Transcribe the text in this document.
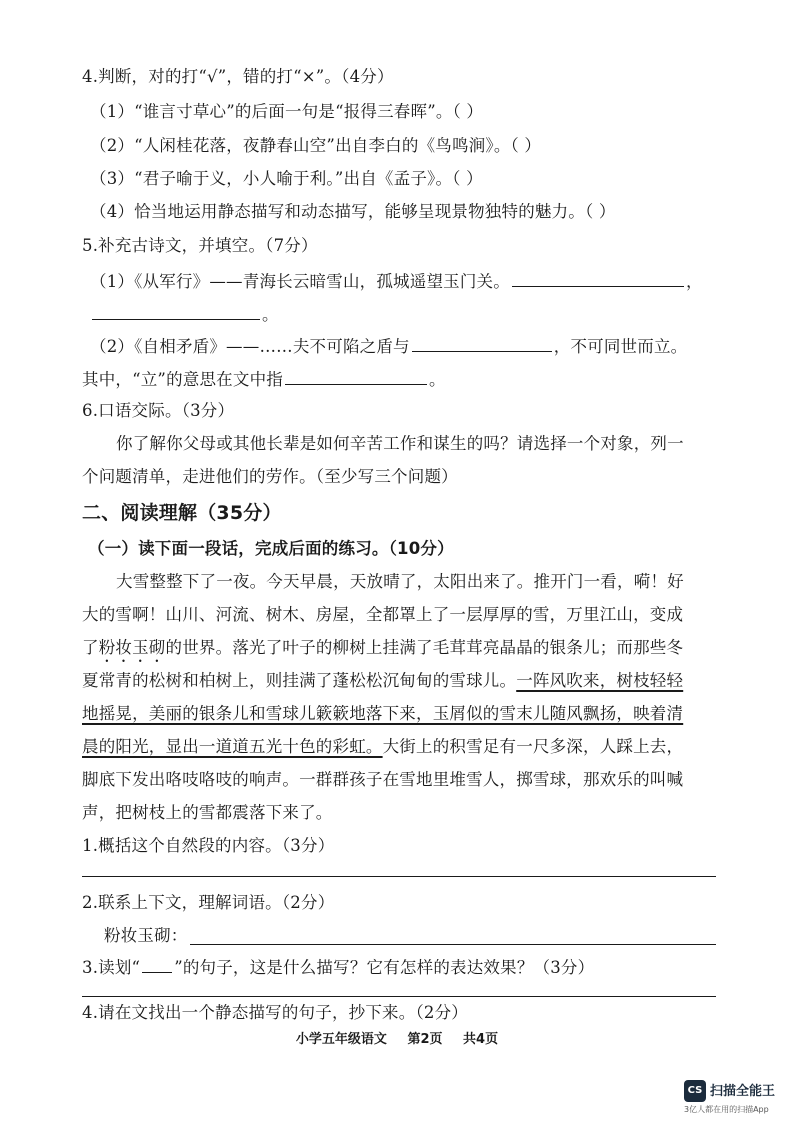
4.判断，对的打“√”，错的打“×”。（4分）
（1）“谁言寸草心”的后面一句是“报得三春晖”。（ ）
（2）“人闲桂花落，夜静春山空”出自李白的《鸟鸣涧》。（ ）
（3）“君子喻于义，小人喻于利。”出自《孟子》。（ ）
（4）恰当地运用静态描写和动态描写，能够呈现景物独特的魅力。（ ）
5.补充古诗文，并填空。（7分）
（1）《从军行》——青海长云暗雪山，孤城遥望玉门关。	，
。
（2）《自相矛盾》——……夫不可陷之盾与	，不可同世而立。
其中，“立”的意思在文中指	。
6.口语交际。（3分）
你了解你父母或其他长辈是如何辛苦工作和谋生的吗？请选择一个对象，列一
个问题清单，走进他们的劳作。（至少写三个问题）
二、阅读理解（35分）
（一）读下面一段话，完成后面的练习。（10分）
大雪整整下了一夜。今天早晨，天放晴了，太阳出来了。推开门一看，嗬！好
大的雪啊！山川、河流、树木、房屋，全都罩上了一层厚厚的雪，万里江山，变成
了粉妆玉砌的世界。落光了叶子的柳树上挂满了毛茸茸亮晶晶的银条儿；而那些冬
夏常青的松树和柏树上，则挂满了蓬松松沉甸甸的雪球儿。一阵风吹来，树枝轻轻
地摇晃，美丽的银条儿和雪球儿簌簌地落下来，玉屑似的雪末儿随风飘扬，映着清
晨的阳光，显出一道道五光十色的彩虹。大街上的积雪足有一尺多深，人踩上去，
脚底下发出咯吱咯吱的响声。一群群孩子在雪地里堆雪人，掷雪球，那欢乐的叫喊
声，把树枝上的雪都震落下来了。
1.概括这个自然段的内容。（3分）
2.联系上下文，理解词语。（2分）
粉妆玉砌：
3.读划“ ”的句子，这是什么描写？它有怎样的表达效果？（3分）
4.请在文找出一个静态描写的句子，抄下来。（2分）
小学五年级语文 第2页 共4页
CS 扫描全能王
3亿人都在用的扫描App
